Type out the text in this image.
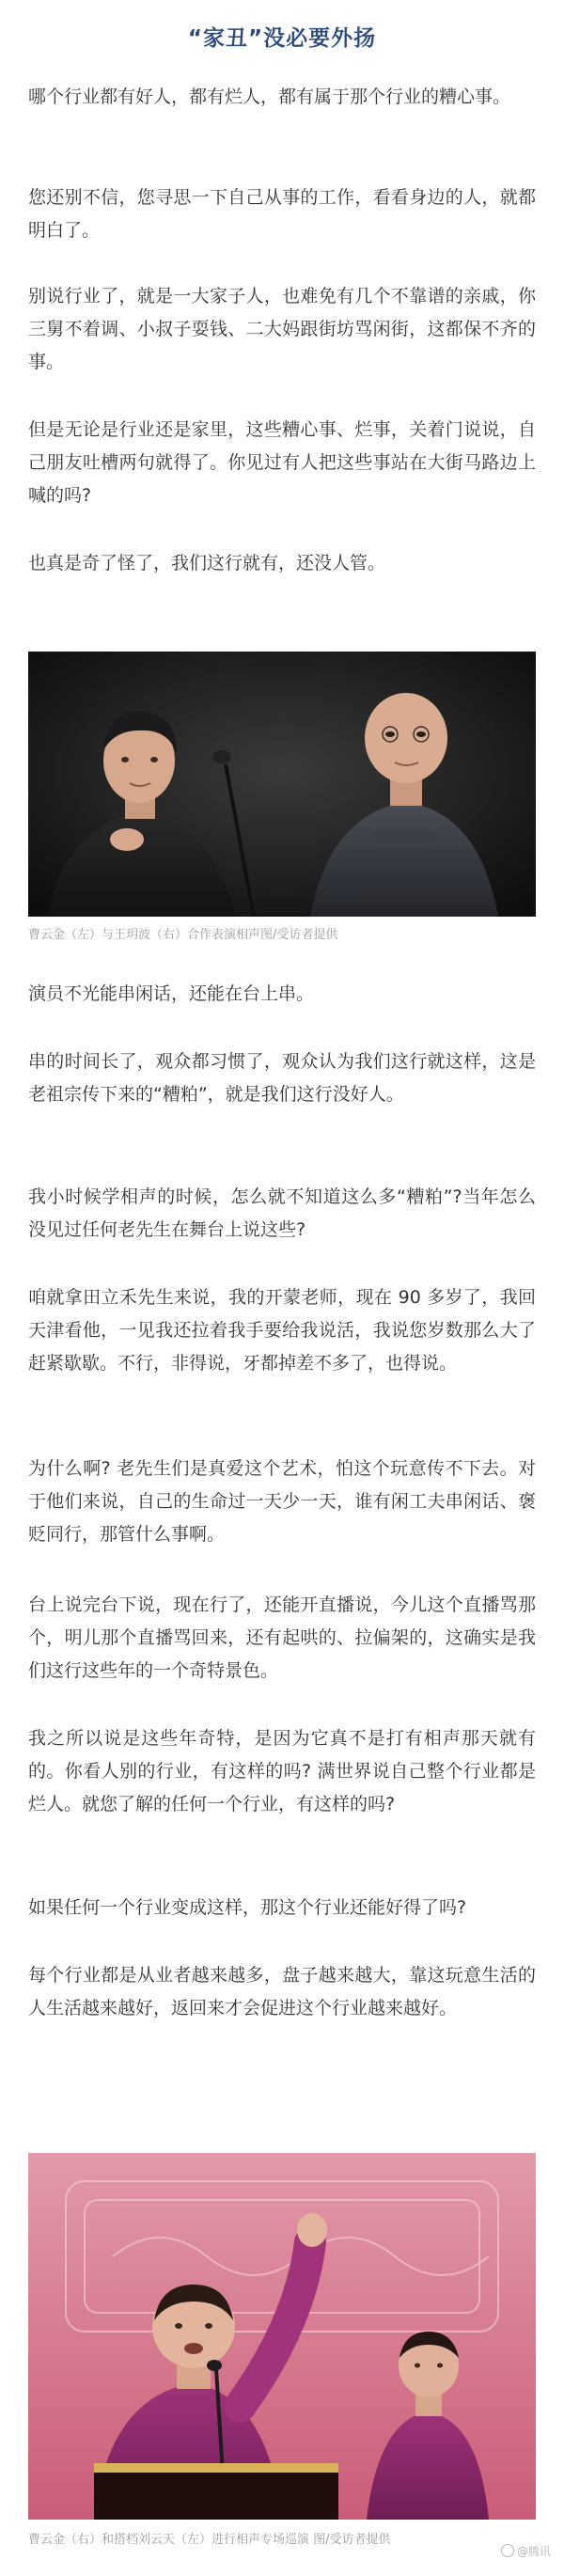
“家丑”没必要外扬

哪个行业都有好人，都有烂人，都有属于那个行业的糟心事。

您还别不信，您寻思一下自己从事的工作，看看身边的人，就都明白了。

别说行业了，就是一大家子人，也难免有几个不靠谱的亲戚，你三舅不着调、小叔子耍钱、二大妈跟街坊骂闲街，这都保不齐的事。

但是无论是行业还是家里，这些糟心事、烂事，关着门说说，自己朋友吐槽两句就得了。你见过有人把这些事站在大街马路边上喊的吗?

也真是奇了怪了，我们这行就有，还没人管。

曹云金（左）与王玥波（右）合作表演相声图/受访者提供

演员不光能串闲话，还能在台上串。

串的时间长了，观众都习惯了，观众认为我们这行就这样，这是老祖宗传下来的“糟粕”，就是我们这行没好人。

我小时候学相声的时候，怎么就不知道这么多“糟粕”?当年怎么没见过任何老先生在舞台上说这些?

咱就拿田立禾先生来说，我的开蒙老师，现在 90 多岁了，我回天津看他，一见我还拉着我手要给我说活，我说您岁数那么大了赶紧歇歇。不行，非得说，牙都掉差不多了，也得说。

为什么啊? 老先生们是真爱这个艺术，怕这个玩意传不下去。对于他们来说，自己的生命过一天少一天，谁有闲工夫串闲话、褒贬同行，那管什么事啊。

台上说完台下说，现在行了，还能开直播说，今儿这个直播骂那个，明儿那个直播骂回来，还有起哄的、拉偏架的，这确实是我们这行这些年的一个奇特景色。

我之所以说是这些年奇特，是因为它真不是打有相声那天就有的。你看人别的行业，有这样的吗? 满世界说自己整个行业都是烂人。就您了解的任何一个行业，有这样的吗?

如果任何一个行业变成这样，那这个行业还能好得了吗?

每个行业都是从业者越来越多，盘子越来越大，靠这玩意生活的人生活越来越好，返回来才会促进这个行业越来越好。

曹云金（右）和搭档刘云天（左）进行相声专场巡演 图/受访者提供
@腾讯
